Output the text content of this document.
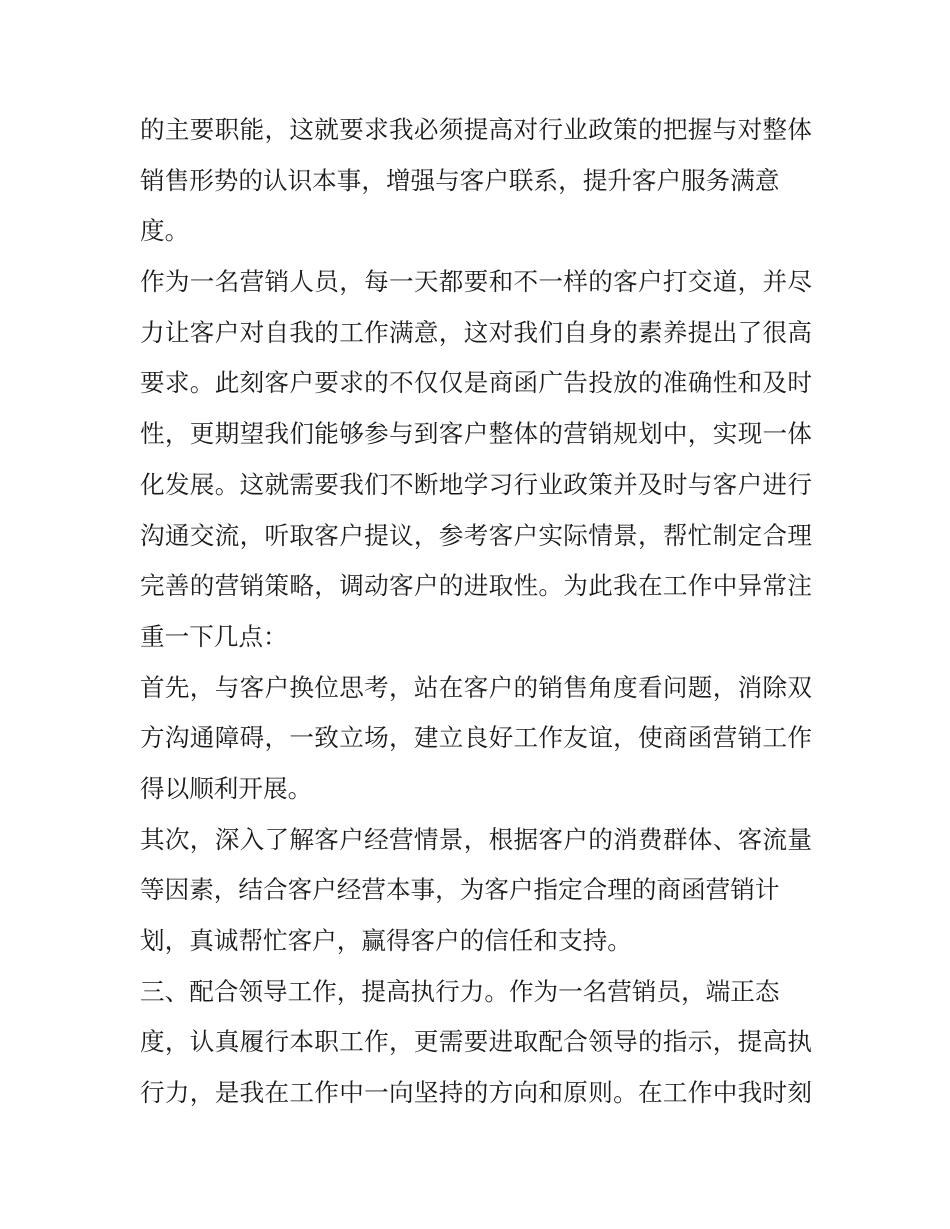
的主要职能，这就要求我必须提高对行业政策的把握与对整体
销售形势的认识本事，增强与客户联系，提升客户服务满意
度。
作为一名营销人员，每一天都要和不一样的客户打交道，并尽
力让客户对自我的工作满意，这对我们自身的素养提出了很高
要求。此刻客户要求的不仅仅是商函广告投放的准确性和及时
性，更期望我们能够参与到客户整体的营销规划中，实现一体
化发展。这就需要我们不断地学习行业政策并及时与客户进行
沟通交流，听取客户提议，参考客户实际情景，帮忙制定合理
完善的营销策略，调动客户的进取性。为此我在工作中异常注
重一下几点：
首先，与客户换位思考，站在客户的销售角度看问题，消除双
方沟通障碍，一致立场，建立良好工作友谊，使商函营销工作
得以顺利开展。
其次，深入了解客户经营情景，根据客户的消费群体、客流量
等因素，结合客户经营本事，为客户指定合理的商函营销计
划，真诚帮忙客户，赢得客户的信任和支持。
三、配合领导工作，提高执行力。作为一名营销员，端正态
度，认真履行本职工作，更需要进取配合领导的指示，提高执
行力，是我在工作中一向坚持的方向和原则。在工作中我时刻
